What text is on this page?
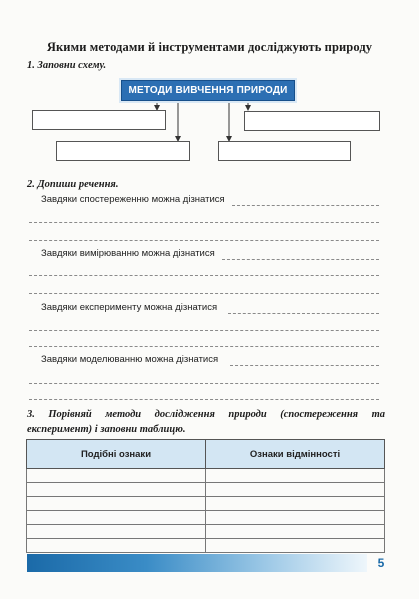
Якими методами й інструментами досліджують природу
1. Заповни схему.
МЕТОДИ ВИВЧЕННЯ ПРИРОДИ
2. Допиши речення.
Завдяки спостереженню можна дізнатися
Завдяки вимірюванню можна дізнатися
Завдяки експерименту можна дізнатися
Завдяки моделюванню можна дізнатися
3. Порівняй методи дослідження природи (спостереження та експеримент) і заповни таблицю.
Подібні ознаки	Ознаки відмінності

5
